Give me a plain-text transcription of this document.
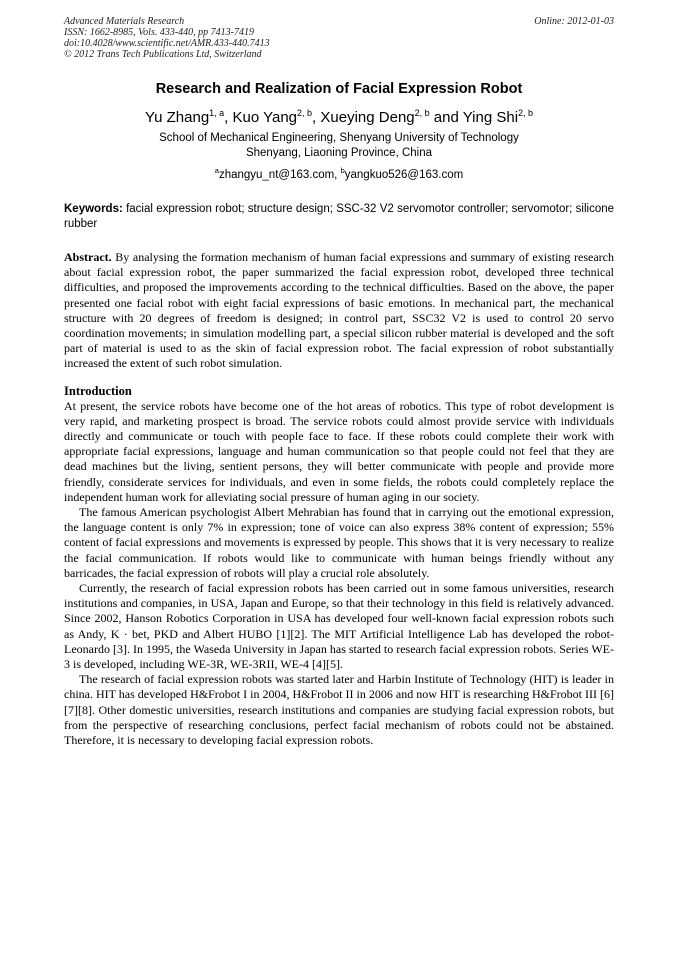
Advanced Materials Research
ISSN: 1662-8985, Vols. 433-440, pp 7413-7419
doi:10.4028/www.scientific.net/AMR.433-440.7413
© 2012 Trans Tech Publications Ltd, Switzerland
Online: 2012-01-03
Research and Realization of Facial Expression Robot
Yu Zhang$^{1, a}$, Kuo Yang$^{2, b}$, Xueying Deng$^{2, b}$ and Ying Shi$^{2, b}$
School of Mechanical Engineering, Shenyang University of Technology
Shenyang, Liaoning Province, China
$^a$zhangyu_nt@163.com, $^b$yangkuo526@163.com
Keywords: facial expression robot; structure design; SSC-32 V2 servomotor controller; servomotor; silicone rubber
Abstract. By analysing the formation mechanism of human facial expressions and summary of existing research about facial expression robot, the paper summarized the facial expression robot, developed three technical difficulties, and proposed the improvements according to the technical difficulties. Based on the above, the paper presented one facial robot with eight facial expressions of basic emotions. In mechanical part, the mechanical structure with 20 degrees of freedom is designed; in control part, SSC32 V2 is used to control 20 servo coordination movements; in simulation modelling part, a special silicon rubber material is developed and the soft part of material is used to as the skin of facial expression robot. The facial expression of robot substantially increased the extent of such robot simulation.
Introduction

At present, the service robots have become one of the hot areas of robotics. This type of robot development is very rapid, and marketing prospect is broad. The service robots could almost provide service with individuals directly and communicate or touch with people face to face. If these robots could complete their work with appropriate facial expressions, language and human communication so that people could not feel that they are dead machines but the living, sentient persons, they will better communicate with people and provide more friendly, considerate services for individuals, and even in some fields, the robots could completely replace the independent human work for alleviating social pressure of human aging in our society.

The famous American psychologist Albert Mehrabian has found that in carrying out the emotional expression, the language content is only 7% in expression; tone of voice can also express 38% content of expression; 55% content of facial expressions and movements is expressed by people. This shows that it is very necessary to realize the facial communication. If robots would like to communicate with human beings friendly without any barricades, the facial expression of robots will play a crucial role absolutely.

Currently, the research of facial expression robots has been carried out in some famous universities, research institutions and companies, in USA, Japan and Europe, so that their technology in this field is relatively advanced. Since 2002, Hanson Robotics Corporation in USA has developed four well-known facial expression robots such as Andy, K · bet, PKD and Albert HUBO [1][2]. The MIT Artificial Intelligence Lab has developed the robot-Leonardo [3]. In 1995, the Waseda University in Japan has started to research facial expression robots. Series WE-3 is developed, including WE-3R, WE-3RII, WE-4 [4][5].

The research of facial expression robots was started later and Harbin Institute of Technology (HIT) is leader in china. HIT has developed H&Frobot I in 2004, H&Frobot II in 2006 and now HIT is researching H&Frobot III [6][7][8]. Other domestic universities, research institutions and companies are studying facial expression robots, but from the perspective of researching conclusions, perfect facial mechanism of robots could not be abstained. Therefore, it is necessary to developing facial expression robots.
